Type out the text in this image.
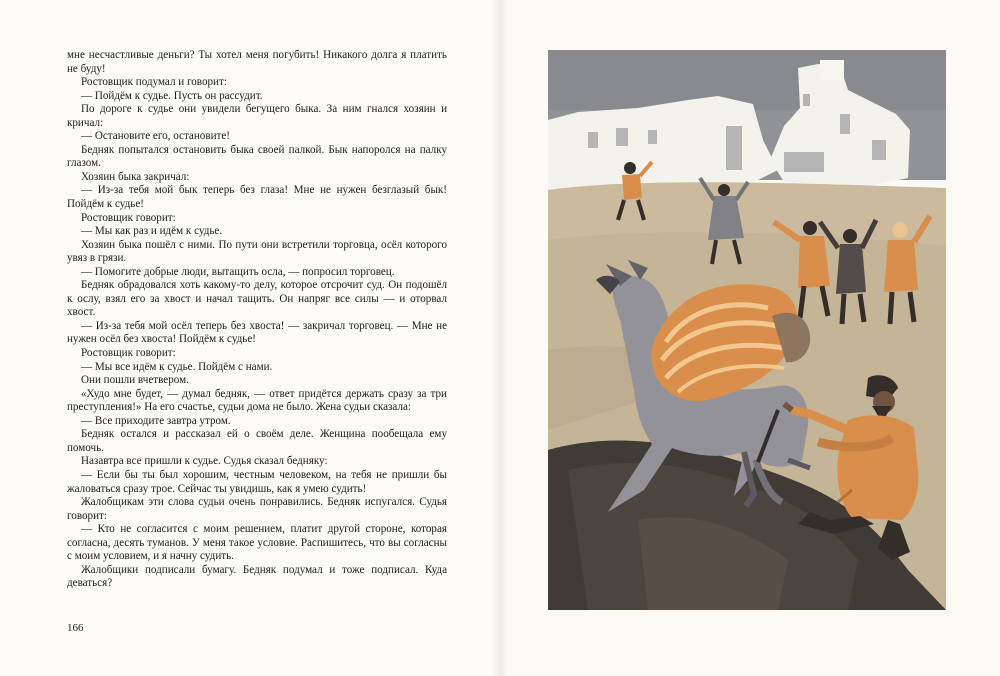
мне несчастливые деньги? Ты хотел меня погубить! Никакого долга я платить не буду!

Ростовщик подумал и говорит:

— Пойдём к судье. Пусть он рассудит.

По дороге к судье они увидели бегущего быка. За ним гнался хозяин и кричал:

— Остановите его, остановите!

Бедняк попытался остановить быка своей палкой. Бык напоролся на палку глазом.

Хозяин быка закричал:

— Из-за тебя мой бык теперь без глаза! Мне не нужен безглазый бык! Пойдём к судье!

Ростовщик говорит:

— Мы как раз и идём к судье.

Хозяин быка пошёл с ними. По пути они встретили торговца, осёл которого увяз в грязи.

— Помогите добрые люди, вытащить осла, — попросил торговец.

Бедняк обрадовался хоть какому-то делу, которое отсрочит суд. Он подошёл к ослу, взял его за хвост и начал тащить. Он напряг все силы — и оторвал хвост.

— Из-за тебя мой осёл теперь без хвоста! — закричал торговец. — Мне не нужен осёл без хвоста! Пойдём к судье!

Ростовщик говорит:

— Мы все идём к судье. Пойдём с нами.

Они пошли вчетвером.

«Худо мне будет, — думал бедняк, — ответ придётся держать сразу за три преступления!» На его счастье, судьи дома не было. Жена судьи сказала:

— Все приходите завтра утром.

Бедняк остался и рассказал ей о своём деле. Женщина пообещала ему помочь.

Назавтра все пришли к судье. Судья сказал бедняку:

— Если бы ты был хорошим, честным человеком, на тебя не пришли бы жаловаться сразу трое. Сейчас ты увидишь, как я умею судить!

Жалобщикам эти слова судьи очень понравились. Бедняк испугался. Судья говорит:

— Кто не согласится с моим решением, платит другой стороне, которая согласна, десять туманов. У меня такое условие. Распишитесь, что вы согласны с моим условием, и я начну судить.

Жалобщики подписали бумагу. Бедняк подумал и тоже подписал. Куда деваться?

166
